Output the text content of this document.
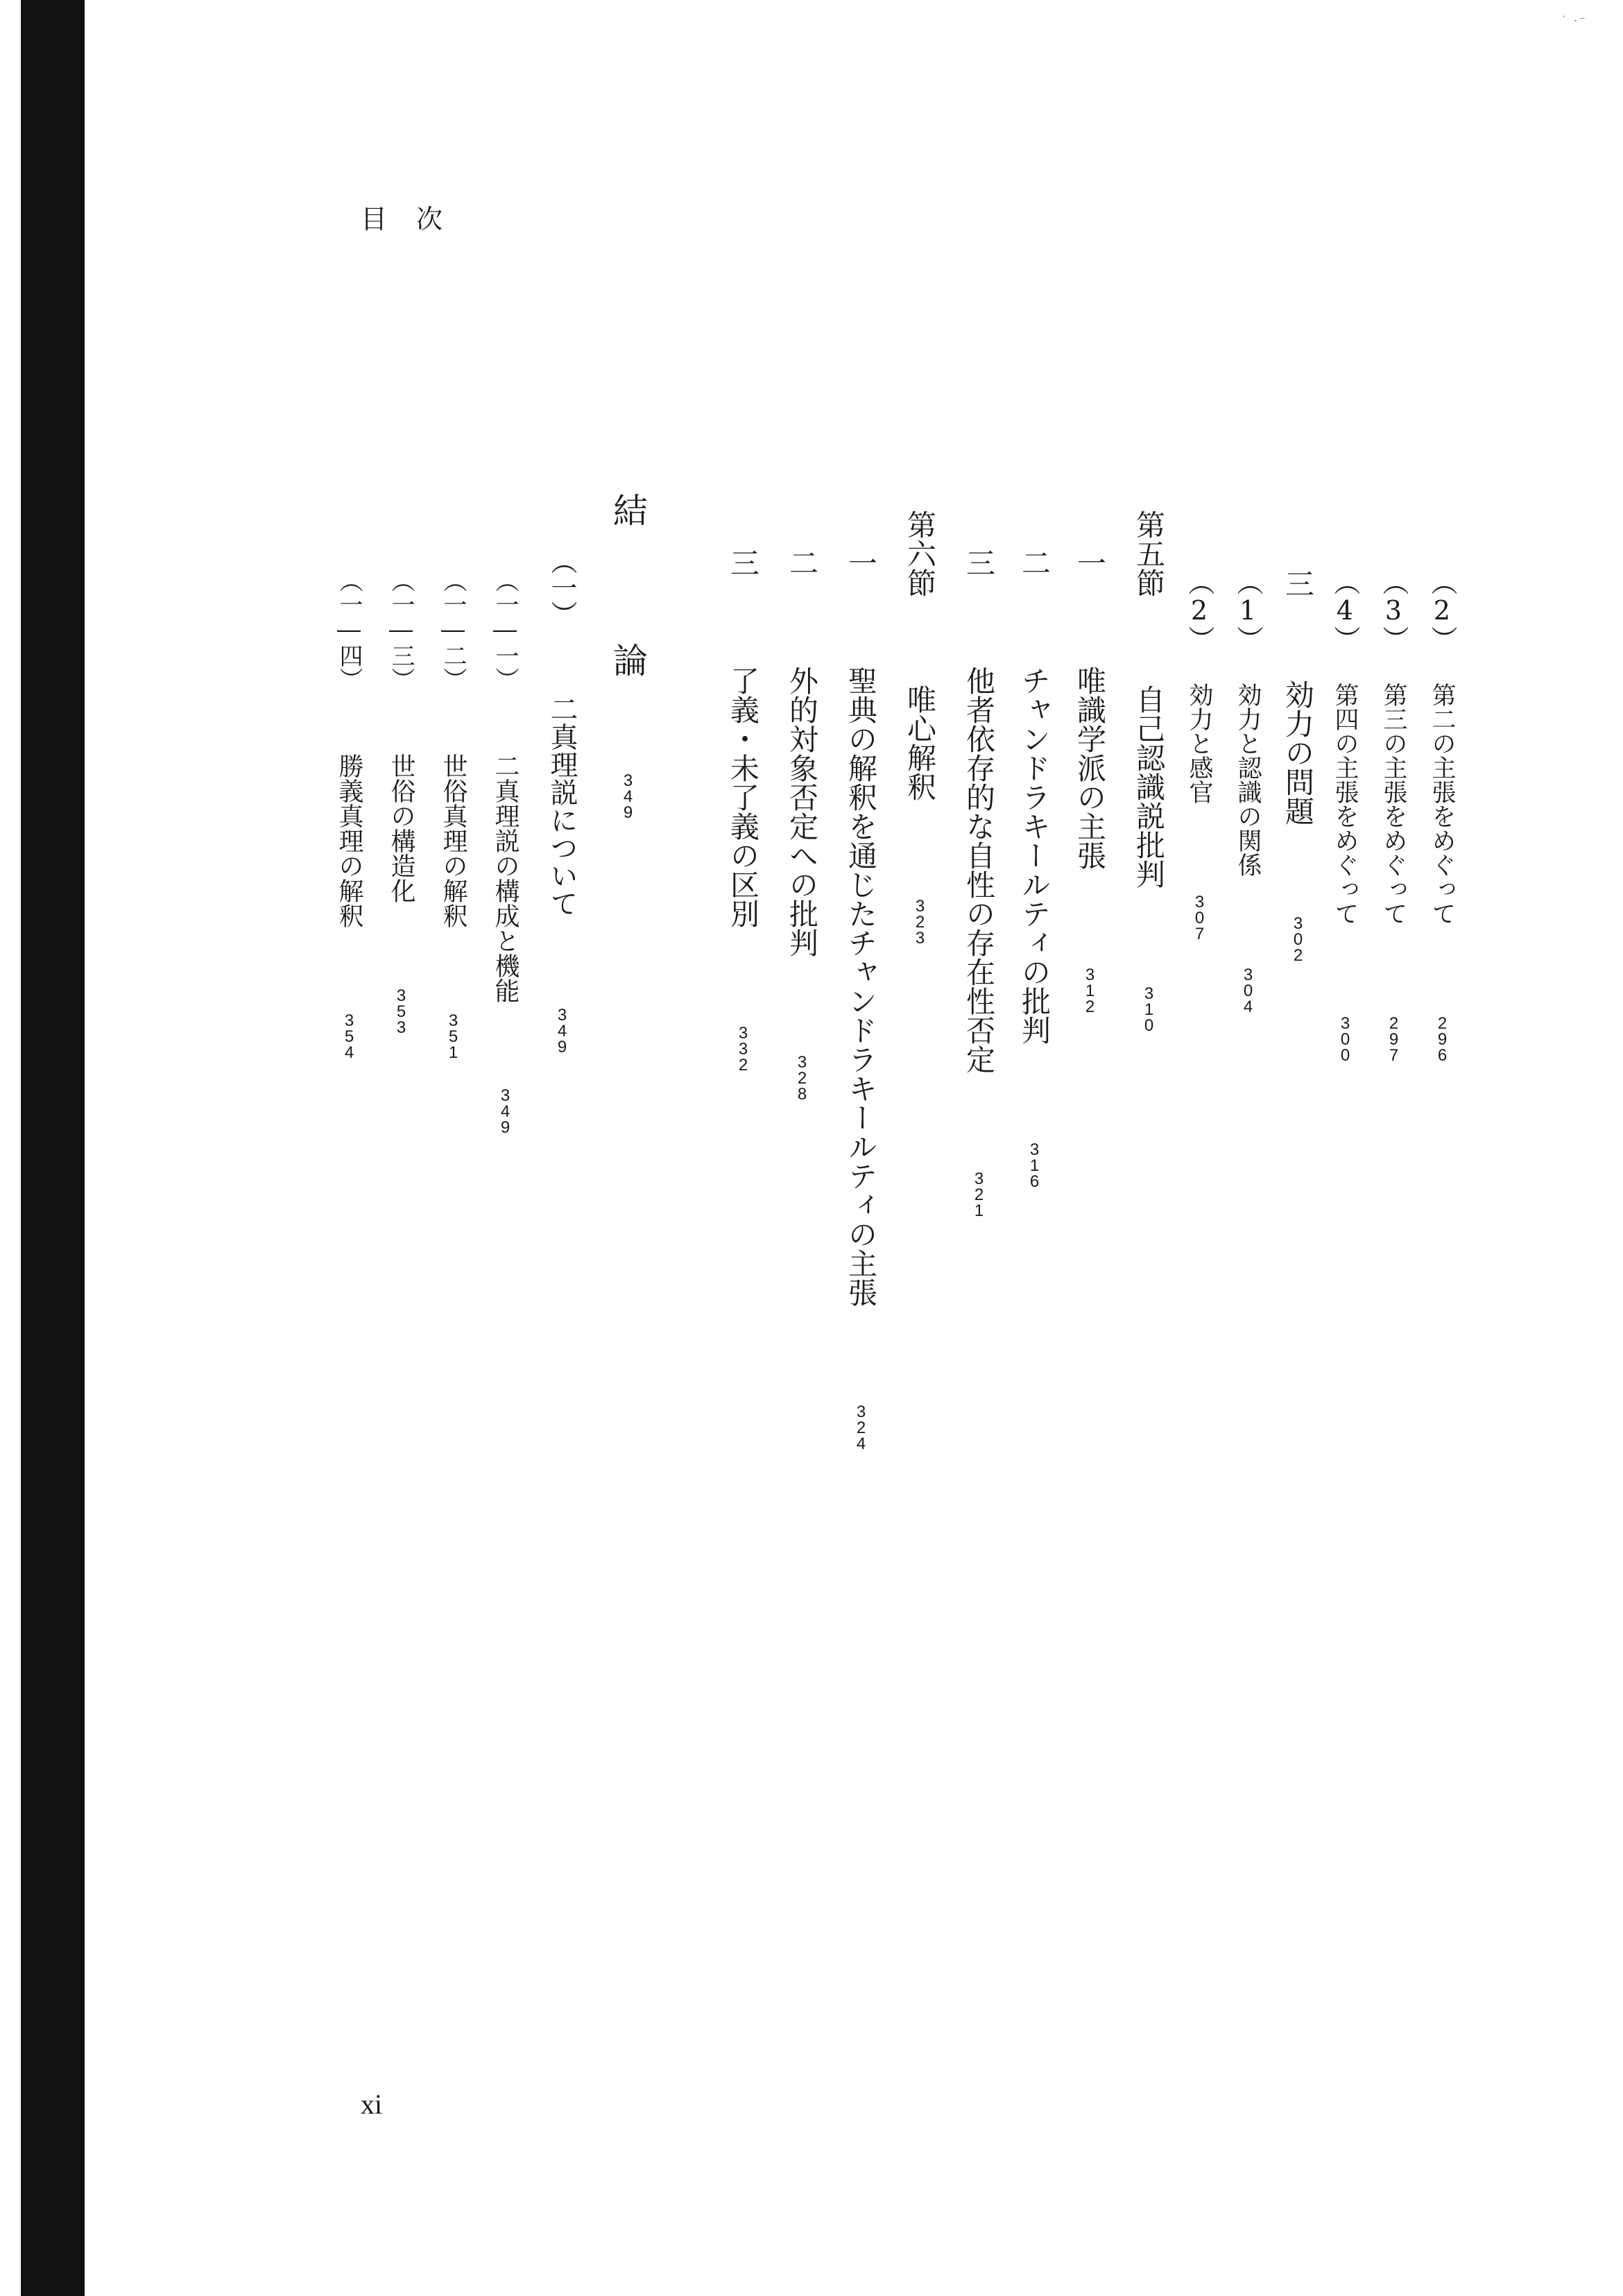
˙ ·⁻
目次
（2） 第二の主張をめぐって  296
（3） 第三の主張をめぐって  297
（4） 第四の主張をめぐって  300
三  効力の問題  302
（1） 効力と認識の関係  304
（2） 効力と感官  307
第五節  自己認識説批判  310
一  唯識学派の主張  312
二  チャンドラキールティの批判  316
三  他者依存的な自性の存在性否定  321
第六節  唯心解釈  323
一  聖典の解釈を通じたチャンドラキールティの主張  324
二  外的対象否定への批判  328
三  了義・未了義の区別  332
結  論  349
（一）  二真理説について  349
（一―一）  二真理説の構成と機能  349
（一―二）  世俗真理の解釈  351
（一―三）  世俗の構造化  353
（一―四）  勝義真理の解釈  354
xi
